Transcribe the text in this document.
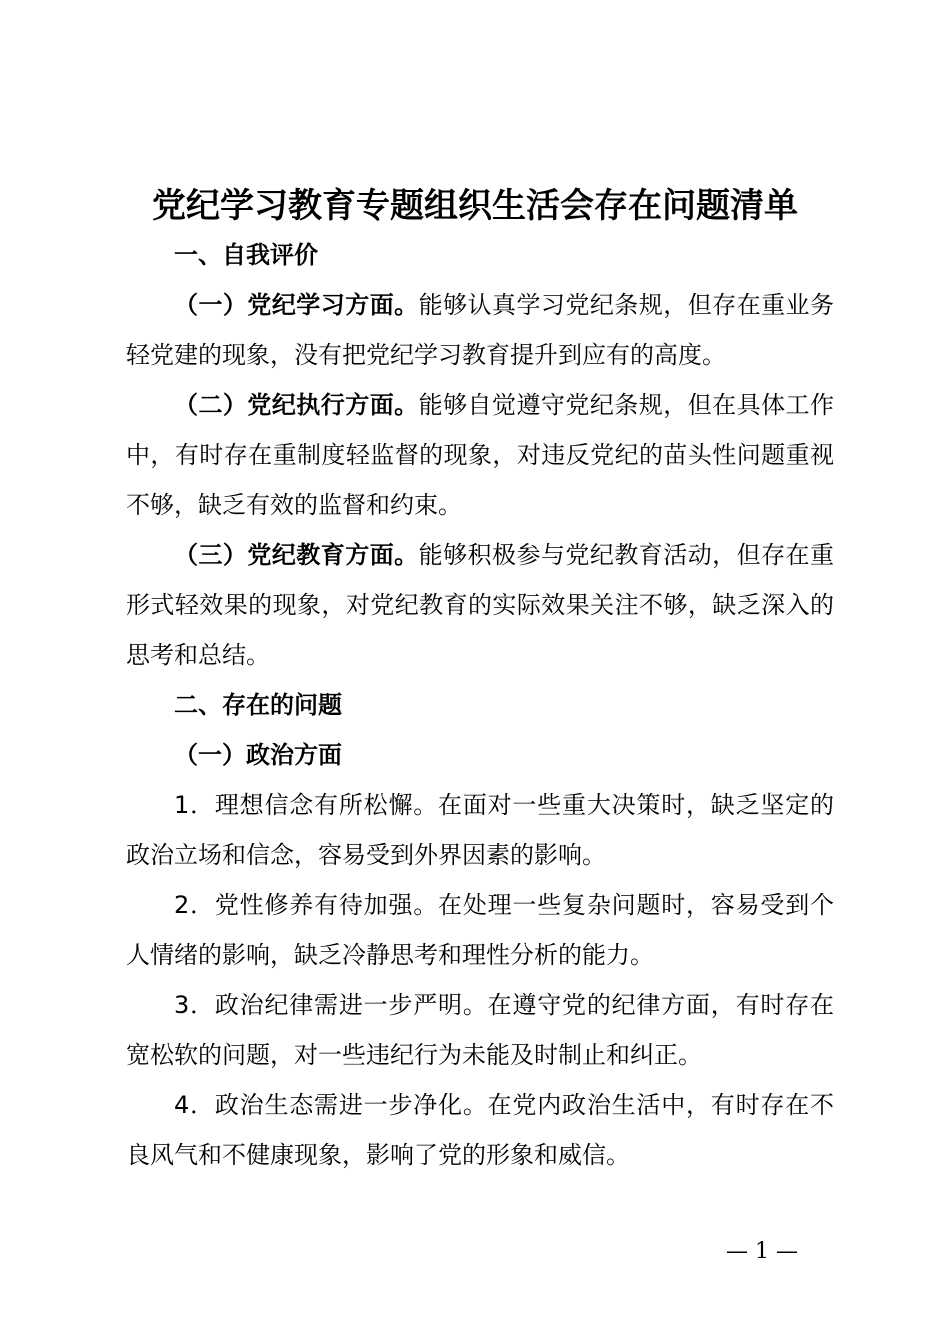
党纪学习教育专题组织生活会存在问题清单

一、自我评价

（一）党纪学习方面。能够认真学习党纪条规，但存在重业务轻党建的现象，没有把党纪学习教育提升到应有的高度。

（二）党纪执行方面。能够自觉遵守党纪条规，但在具体工作中，有时存在重制度轻监督的现象，对违反党纪的苗头性问题重视不够，缺乏有效的监督和约束。

（三）党纪教育方面。能够积极参与党纪教育活动，但存在重形式轻效果的现象，对党纪教育的实际效果关注不够，缺乏深入的思考和总结。

二、存在的问题

（一）政治方面

1．理想信念有所松懈。在面对一些重大决策时，缺乏坚定的政治立场和信念，容易受到外界因素的影响。

2．党性修养有待加强。在处理一些复杂问题时，容易受到个人情绪的影响，缺乏冷静思考和理性分析的能力。

3．政治纪律需进一步严明。在遵守党的纪律方面，有时存在宽松软的问题，对一些违纪行为未能及时制止和纠正。

4．政治生态需进一步净化。在党内政治生活中，有时存在不良风气和不健康现象，影响了党的形象和威信。

— 1 —
